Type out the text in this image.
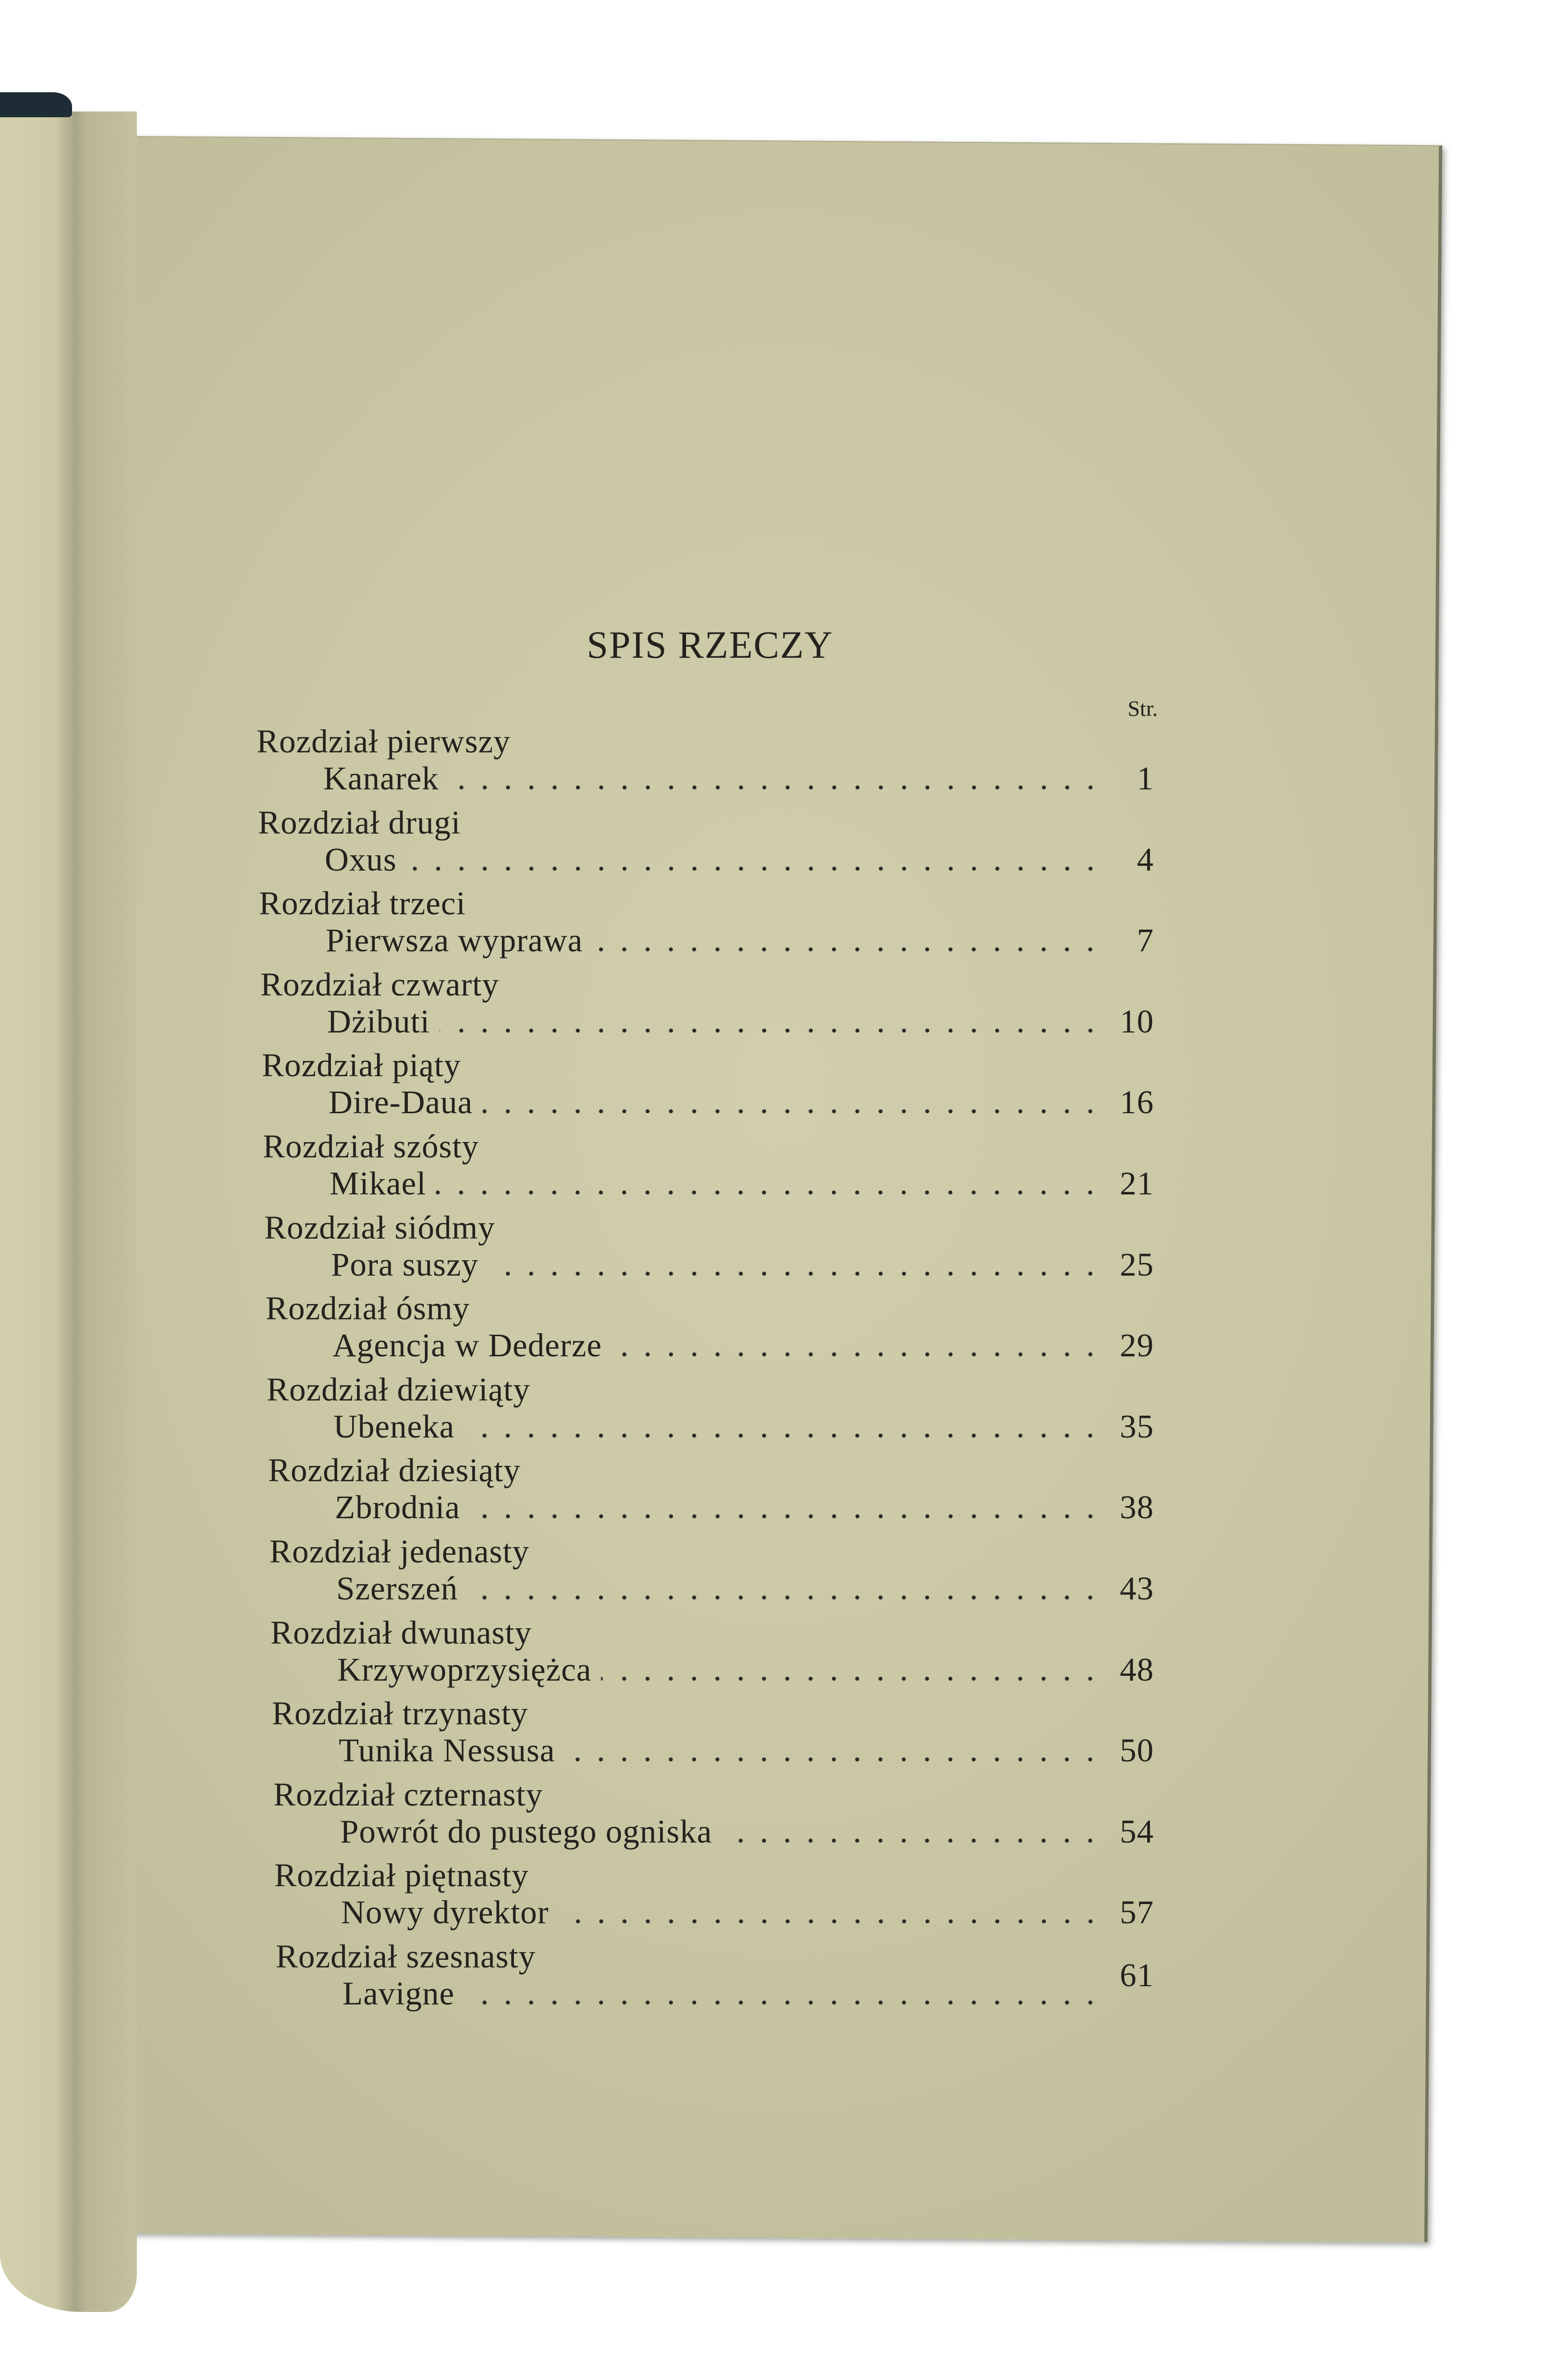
SPIS RZECZY
Str.
Rozdział pierwszy
Kanarek	1
Rozdział drugi
Oxus	4
Rozdział trzeci
Pierwsza wyprawa	7
Rozdział czwarty
Dżibuti	10
Rozdział piąty
Dire-Daua	16
Rozdział szósty
Mikael	21
Rozdział siódmy
Pora suszy	25
Rozdział ósmy
Agencja w Dederze	29
Rozdział dziewiąty
Ubeneka	35
Rozdział dziesiąty
Zbrodnia	38
Rozdział jedenasty
Szerszeń	43
Rozdział dwunasty
Krzywoprzysiężca	48
Rozdział trzynasty
Tunika Nessusa	50
Rozdział czternasty
Powrót do pustego ogniska	54
Rozdział piętnasty
Nowy dyrektor	57
Rozdział szesnasty
Lavigne	61
